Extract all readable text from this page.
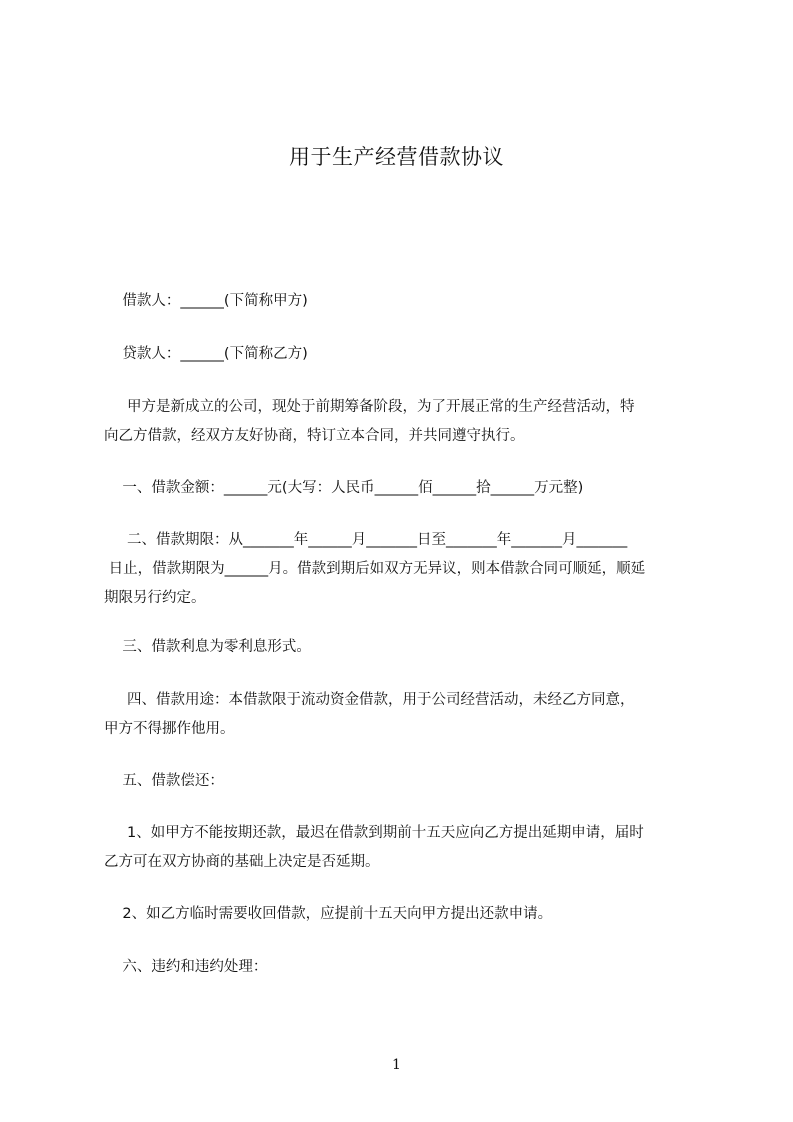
用于生产经营借款协议
借款人：______(下简称甲方)
贷款人：______(下简称乙方)
甲方是新成立的公司，现处于前期筹备阶段，为了开展正常的生产经营活动，特
向乙方借款，经双方友好协商，特订立本合同，并共同遵守执行。
一、借款金额：______元(大写：人民币______佰______拾______万元整)
二、借款期限：从_______年______月_______日至_______年_______月_______
日止，借款期限为______月。借款到期后如双方无异议，则本借款合同可顺延，顺延
期限另行约定。
三、借款利息为零利息形式。
四、借款用途：本借款限于流动资金借款，用于公司经营活动，未经乙方同意，
甲方不得挪作他用。
五、借款偿还：
1、如甲方不能按期还款，最迟在借款到期前十五天应向乙方提出延期申请，届时
乙方可在双方协商的基础上决定是否延期。
2、如乙方临时需要收回借款，应提前十五天向甲方提出还款申请。
六、违约和违约处理：
1
